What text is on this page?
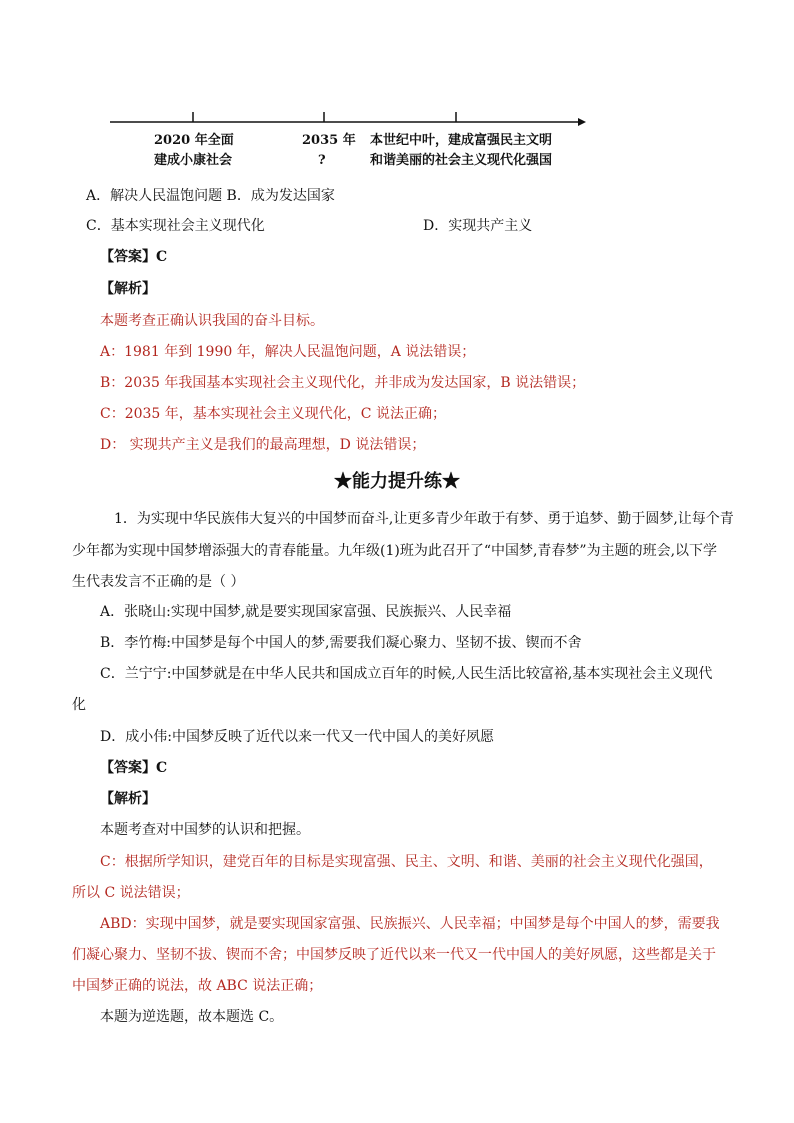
2020 年全面
建成小康社会
2035 年
?
本世纪中叶，建成富强民主文明
和谐美丽的社会主义现代化强国
A．解决人民温饱问题 B．成为发达国家
C．基本实现社会主义现代化	D．实现共产主义
【答案】C
【解析】
本题考查正确认识我国的奋斗目标。
A：1981 年到 1990 年，解决人民温饱问题，A 说法错误；
B：2035 年我国基本实现社会主义现代化，并非成为发达国家，B 说法错误；
C：2035 年，基本实现社会主义现代化，C 说法正确；
D： 实现共产主义是我们的最高理想，D 说法错误；
★能力提升练★
1．为实现中华民族伟大复兴的中国梦而奋斗,让更多青少年敢于有梦、勇于追梦、勤于圆梦,让每个青
少年都为实现中国梦增添强大的青春能量。九年级(1)班为此召开了“中国梦,青春梦”为主题的班会,以下学
生代表发言不正确的是（ ）
A．张晓山:实现中国梦,就是要实现国家富强、民族振兴、人民幸福
B．李竹梅:中国梦是每个中国人的梦,需要我们凝心聚力、坚韧不拔、锲而不舍
C．兰宁宁:中国梦就是在中华人民共和国成立百年的时候,人民生活比较富裕,基本实现社会主义现代
化
D．成小伟:中国梦反映了近代以来一代又一代中国人的美好夙愿
【答案】C
【解析】
本题考查对中国梦的认识和把握。
C：根据所学知识，建党百年的目标是实现富强、民主、文明、和谐、美丽的社会主义现代化强国，
所以 C 说法错误；
ABD：实现中国梦，就是要实现国家富强、民族振兴、人民幸福；中国梦是每个中国人的梦，需要我
们凝心聚力、坚韧不拔、锲而不舍；中国梦反映了近代以来一代又一代中国人的美好夙愿，这些都是关于
中国梦正确的说法，故 ABC 说法正确；
本题为逆选题，故本题选 C。
